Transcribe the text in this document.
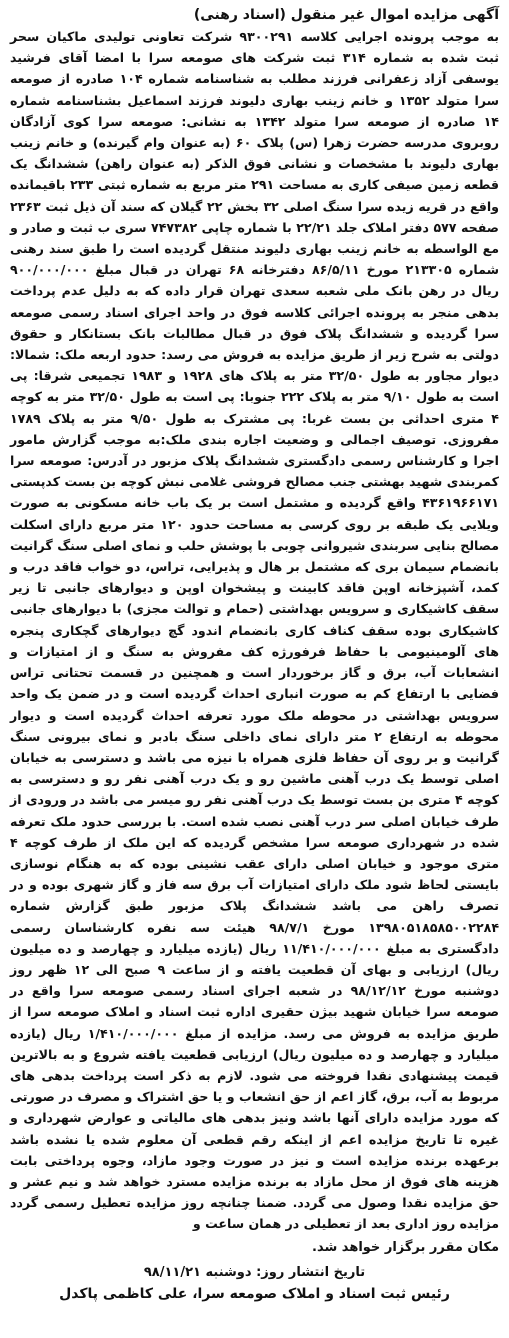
آگهی مزایده اموال غیر منقول (اسناد رهنی)

به موجب پرونده اجرایی کلاسه ۹۳۰۰۲۹۱ شرکت تعاونی تولیدی ماکیان سحر ثبت شده به شماره ۳۱۴ ثبت شرکت های صومعه سرا با امضا آقای فرشید یوسفی آزاد زعفرانی فرزند مطلب به شناسنامه شماره ۱۰۴ صادره از صومعه سرا متولد ۱۳۵۲ و خانم زینب بهاری دلیوند فرزند اسماعیل بشناسنامه شماره ۱۴ صادره از صومعه سرا متولد ۱۳۴۲ به نشانی: صومعه سرا کوی آزادگان روبروی مدرسه حضرت زهرا (س) پلاک ۶۰ (به عنوان وام گیرنده) و خانم زینب بهاری دلیوند با مشخصات و نشانی فوق الذکر (به عنوان راهن) ششدانگ یک قطعه زمین صیفی کاری به مساحت ۲۹۱ متر مربع به شماره ثبتی ۲۳۳ باقیمانده واقع در قریه زیده سرا سنگ اصلی ۳۲ بخش ۲۲ گیلان که سند آن ذیل ثبت ۲۳۶۳ صفحه ۵۷۷ دفتر املاک جلد ۲۲/۲۱ با شماره چاپی ۷۴۷۳۸۲ سری ب ثبت و صادر و مع الواسطه به خانم زینب بهاری دلیوند منتقل گردیده است را طبق سند رهنی شماره ۲۱۳۳۰۵ مورخ ۸۶/۵/۱۱ دفترخانه ۶۸ تهران در قبال مبلغ ۹۰۰/۰۰۰/۰۰۰ ریال در رهن بانک ملی شعبه سعدی تهران قرار داده که به دلیل عدم پرداخت بدهی منجر به پرونده اجرائی کلاسه فوق در واحد اجرای اسناد رسمی صومعه سرا گردیده و ششدانگ پلاک فوق در قبال مطالبات بانک بستانکار و حقوق دولتی به شرح زیر از طریق مزایده به فروش می رسد: حدود اربعه ملک: شمالا: دیوار مجاور به طول ۳۲/۵۰ متر به پلاک های ۱۹۲۸ و ۱۹۸۳ تجمیعی شرقا: پی است به طول ۹/۱۰ متر به پلاک ۲۲۲ جنوبا: پی است به طول ۳۲/۵۰ متر به کوچه ۴ متری احداثی بن بست غربا: پی مشترک به طول ۹/۵۰ متر به پلاک ۱۷۸۹ مفروزی. توصیف اجمالی و وضعیت اجاره بندی ملک:به موجب گزارش مامور اجرا و کارشناس رسمی دادگستری ششدانگ پلاک مزبور در آدرس: صومعه سرا کمربندی شهید بهشتی جنب مصالح فروشی غلامی نبش کوچه بن بست کدپستی ۴۳۶۱۹۶۶۱۷۱ واقع گردیده و مشتمل است بر یک باب خانه مسکونی به صورت ویلایی یک طبقه بر روی کرسی به مساحت حدود ۱۲۰ متر مربع دارای اسکلت مصالح بنایی سربندی شیروانی چوبی با پوشش حلب و نمای اصلی سنگ گرانیت بانضمام سیمان بری که مشتمل بر هال و پذیرایی، تراس، دو خواب فاقد درب و کمد، آشپزخانه اوپن فاقد کابینت و پیشخوان اوپن و دیوارهای جانبی تا زیر سقف کاشیکاری و سرویس بهداشتی (حمام و توالت مجزی) با دیوارهای جانبی کاشیکاری بوده سقف کناف کاری بانضمام اندود گچ دیوارهای گچکاری پنجره های آلومینیومی با حفاظ فرفورژه کف مفروش به سنگ و از امتیازات و انشعابات آب، برق و گاز برخوردار است و همچنین در قسمت تحتانی تراس فضایی با ارتفاع کم به صورت انباری احداث گردیده است و در ضمن یک واحد سرویس بهداشتی در محوطه ملک مورد تعرفه احداث گردیده است و دیوار محوطه به ارتفاع ۲ متر دارای نمای داخلی سنگ بادبر و نمای بیرونی سنگ گرانیت و بر روی آن حفاظ فلزی همراه با نیزه می باشد و دسترسی به خیابان اصلی توسط یک درب آهنی ماشین رو و یک درب آهنی نفر رو و دسترسی به کوچه ۴ متری بن بست توسط یک درب آهنی نفر رو میسر می باشد در ورودی از طرف خیابان اصلی سر درب آهنی نصب شده است. با بررسی حدود ملک تعرفه شده در شهرداری صومعه سرا مشخص گردیده که این ملک از طرف کوچه ۴ متری موجود و خیابان اصلی دارای عقب نشینی بوده که به هنگام نوسازی بایستی لحاظ شود ملک دارای امتیازات آب برق سه فاز و گاز شهری بوده و در تصرف راهن می باشد ششدانگ پلاک مزبور طبق گزارش شماره ۱۳۹۸۰۵۱۸۵۸۵۰۰۲۲۸۴ مورخ ۹۸/۷/۱ هیئت سه نفره کارشناسان رسمی دادگستری به مبلغ ۱۱/۴۱۰/۰۰۰/۰۰۰ ریال (یازده میلیارد و چهارصد و ده میلیون ریال) ارزیابی و بهای آن قطعیت یافته و از ساعت ۹ صبح الی ۱۲ ظهر روز دوشنبه مورخ ۹۸/۱۲/۱۲ در شعبه اجرای اسناد رسمی صومعه سرا واقع در صومعه سرا خیابان شهید بیژن حقیری اداره ثبت اسناد و املاک صومعه سرا از طریق مزایده به فروش می رسد. مزایده از مبلغ ۱/۴۱۰/۰۰۰/۰۰۰ ریال (یازده میلیارد و چهارصد و ده میلیون ریال) ارزیابی قطعیت یافته شروع و به بالاترین قیمت پیشنهادی نقدا فروخته می شود. لازم به ذکر است پرداخت بدهی های مربوط به آب، برق، گاز اعم از حق انشعاب و یا حق اشتراک و مصرف در صورتی که مورد مزایده دارای آنها باشد ونیز بدهی های مالیاتی و عوارض شهرداری و غیره تا تاریخ مزایده اعم از اینکه رقم قطعی آن معلوم شده یا نشده باشد برعهده برنده مزایده است و نیز در صورت وجود مازاد، وجوه پرداختی بابت هزینه های فوق از محل مازاد به برنده مزایده مسترد خواهد شد و نیم عشر و حق مزایده نقدا وصول می گردد. ضمنا چنانچه روز مزایده تعطیل رسمی گردد مزایده روز اداری بعد از تعطیلی در همان ساعت و

مکان مقرر برگزار خواهد شد.

تاریخ انتشار روز: دوشنبه ۹۸/۱۱/۲۱

رئیس ثبت اسناد و املاک صومعه سرا، علی کاظمی پاکدل
